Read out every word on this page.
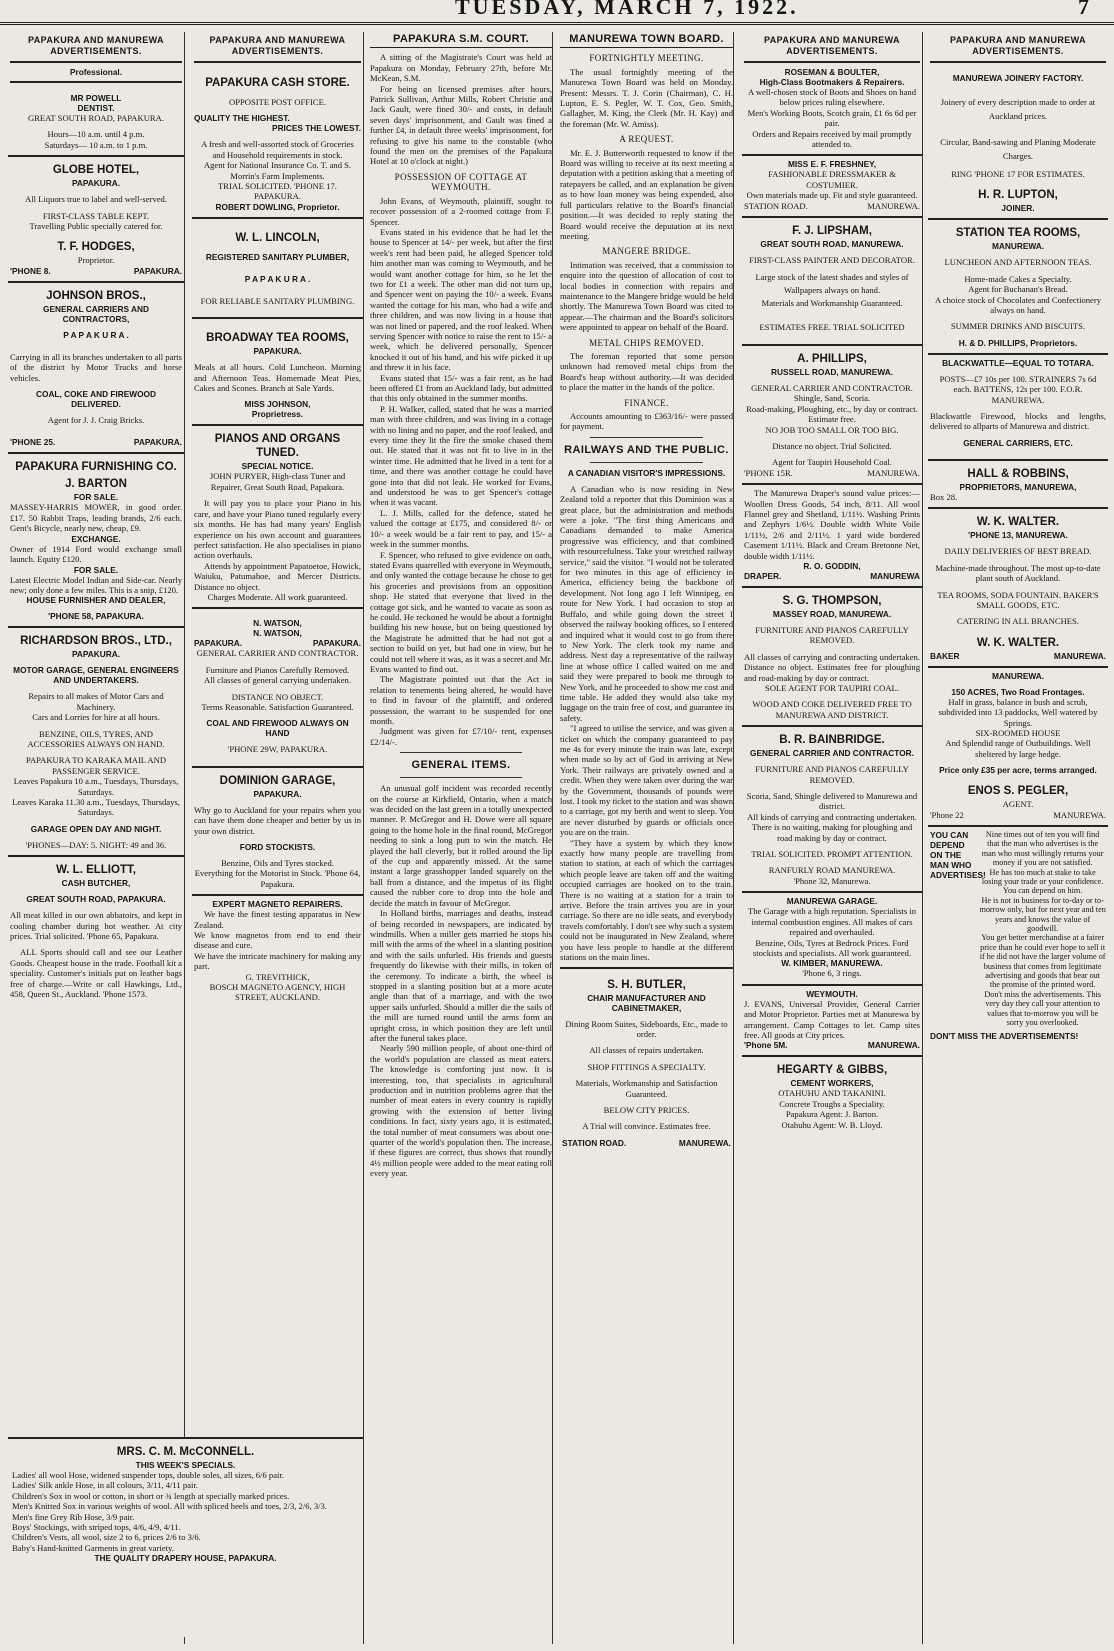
TUESDAY, MARCH 7, 1922.	7
PAPAKURA AND MANUREWA ADVERTISEMENTS.
Professional.
MR POWELL
DENTIST.
GREAT SOUTH ROAD, PAPAKURA.
Hours—10 a.m. until 4 p.m.
Saturdays— 10 a.m. to 1 p.m.
GLOBE HOTEL,
PAPAKURA.
All Liquors true to label and well-served.
FIRST-CLASS TABLE KEPT.
Travelling Public specially catered for.
T. F. HODGES,
Proprietor.
'PHONE 8.	PAPAKURA.
JOHNSON BROS.,
GENERAL CARRIERS AND CONTRACTORS,
P A P A K U R A .

Carrying in all its branches undertaken to all parts of the district by Motor Trucks and horse vehicles.

COAL, COKE AND FIREWOOD DELIVERED.
Agent for J. J. Craig Bricks.
'PHONE 25.	PAPAKURA.
PAPAKURA FURNISHING CO.
J. BARTON
FOR SALE.

MASSEY-HARRIS MOWER, in good order. £17. 50 Rabbit Traps, leading brands, 2/6 each. Gent's Bicycle, nearly new, cheap, £9.

EXCHANGE.

Owner of 1914 Ford would exchange small launch. Equity £120.

FOR SALE.

Latest Electric Model Indian and Side-car. Nearly new; only done a few miles. This is a snip, £120.

HOUSE FURNISHER AND DEALER,
'PHONE 58, PAPAKURA.
RICHARDSON BROS., LTD.,
PAPAKURA.
MOTOR GARAGE, GENERAL ENGINEERS AND UNDERTAKERS.
Repairs to all makes of Motor Cars and Machinery.
Cars and Lorries for hire at all hours.
BENZINE, OILS, TYRES, AND ACCESSORIES ALWAYS ON HAND.
PAPAKURA TO KARAKA MAIL AND PASSENGER SERVICE.
Leaves Papakura 10 a.m., Tuesdays, Thursdays, Saturdays.
Leaves Karaka 11.30 a.m., Tuesdays, Thursdays, Saturdays.
GARAGE OPEN DAY AND NIGHT.
'PHONES—DAY: 5. NIGHT: 49 and 36.
W. L. ELLIOTT,
CASH BUTCHER,
GREAT SOUTH ROAD, PAPAKURA.

All meat killed in our own abbatoirs, and kept in cooling chamber during hot weather. At city prices. Trial solicited. 'Phone 65, Papakura.

ALL Sports should call and see our Leather Goods. Cheapest house in the trade. Football kit a speciality. Customer's initials put on leather bags free of charge.—Write or call Hawkings, Ltd., 458, Queen St., Auckland. 'Phone 1573.

PAPAKURA AND MANUREWA ADVERTISEMENTS.
PAPAKURA CASH STORE.
OPPOSITE POST OFFICE.
QUALITY THE HIGHEST.
PRICES THE LOWEST.
A fresh and well-assorted stock of Groceries and Household requirements in stock.
Agent for National Insurance Co. T. and S. Morrin's Farm Implements.
TRIAL SOLICITED. 'PHONE 17.
PAPAKURA.
ROBERT DOWLING, Proprietor.
W. L. LINCOLN,
REGISTERED SANITARY PLUMBER,
P A P A K U R A .
FOR RELIABLE SANITARY PLUMBING.
BROADWAY TEA ROOMS,
PAPAKURA.

Meals at all hours. Cold Luncheon. Morning and Afternoon Teas. Homemade Meat Pies, Cakes and Scones. Branch at Sale Yards.

MISS JOHNSON,
Proprietress.
PIANOS AND ORGANS TUNED.
SPECIAL NOTICE.
JOHN PURYER, High-class Tuner and Repairer, Great South Road, Papakura.

It will pay you to place your Piano in his care, and have your Piano tuned regularly every six months. He has had many years' English experience on his own account and guarantees perfect satisfaction. He also specialises in piano action overhauls.

Attends by appointment Papatoetoe, Howick, Waiuku, Patumahoe, and Mercer Districts. Distance no object.

Charges Moderate. All work guaranteed.
N. WATSON,
N. WATSON,
PAPAKURA.	PAPAKURA.
GENERAL CARRIER AND CONTRACTOR.
Furniture and Pianos Carefully Removed.
All classes of general carrying undertaken.
DISTANCE NO OBJECT.
Terms Reasonable. Satisfaction Guaranteed.
COAL AND FIREWOOD ALWAYS ON HAND
'PHONE 29W, PAPAKURA.
DOMINION GARAGE,
PAPAKURA.

Why go to Auckland for your repairs when you can have them done cheaper and better by us in your own district.

FORD STOCKISTS.
Benzine, Oils and Tyres stocked.
Everything for the Motorist in Stock. 'Phone 64, Papakura.
EXPERT MAGNETO REPAIRERS.

We have the finest testing apparatus in New Zealand.
We know magnetos from end to end their disease and cure.
We have the intricate machinery for making any part.

G. TREVITHICK,
BOSCH MAGNETO AGENCY, HIGH STREET, AUCKLAND.
MRS. C. M. McCONNELL.
THIS WEEK'S SPECIALS.
Ladies' all wool Hose, widened suspender tops, double soles, all sizes, 6/6 pair.
Ladies' Silk ankle Hose, in all colours, 3/11, 4/11 pair.
Children's Sox in wool or cotton, in short or ¾ length at specially marked prices.
Men's Knitted Sox in various weights of wool. All with spliced heels and toes, 2/3, 2/6, 3/3.
Men's fine Grey Rib Hose, 3/9 pair.
Boys' Stockings, with striped tops, 4/6, 4/9, 4/11.
Children's Vests, all wool, size 2 to 6, prices 2/6 to 3/6.
Baby's Hand-knitted Garments in great variety.
THE QUALITY DRAPERY HOUSE, PAPAKURA.
PAPAKURA S.M. COURT.

A sitting of the Magistrate's Court was held at Papakura on Monday, February 27th, before Mr. McKean, S.M.

For being on licensed premises after hours, Patrick Sullivan, Arthur Mills, Robert Christie and Jack Gault, were fined 30/- and costs, in default seven days' imprisonment, and Gault was fined a further £4, in default three weeks' imprisonment, for refusing to give his name to the constable (who found the men on the premises of the Papakura Hotel at 10 o'clock at night.)

POSSESSION OF COTTAGE AT WEYMOUTH.

John Evans, of Weymouth, plaintiff, sought to recover possession of a 2-roomed cottage from F. Spencer.

Evans stated in his evidence that he had let the house to Spencer at 14/- per week, but after the first week's rent had been paid, he alleged Spencer told him another man was coming to Weymouth, and he would want another cottage for him, so he let the two for £1 a week. The other man did not turn up, and Spencer went on paying the 10/- a week. Evans wanted the cottage for his man, who had a wife and three children, and was now living in a house that was not lined or papered, and the roof leaked. When serving Spencer with notice to raise the rent to 15/- a week, which he delivered personally, Spencer knocked it out of his hand, and his wife picked it up and threw it in his face.

Evans stated that 15/- was a fair rent, as he had been offered £1 from an Auckland lady, but admitted that this only obtained in the summer months.

P. H. Walker, called, stated that he was a married man with three children, and was living in a cottage with no lining and no paper, and the roof leaked, and every time they lit the fire the smoke chased them out. He stated that it was not fit to live in in the winter time. He admitted that he lived in a tent for a time, and there was another cottage he could have gone into that did not leak. He worked for Evans, and understood he was to get Spencer's cottage when it was vacant.

L. J. Mills, called for the defence, stated he valued the cottage at £175, and considered 8/- or 10/- a week would be a fair rent to pay, and 15/- a week in the summer months.

F. Spencer, who refused to give evidence on oath, stated Evans quarrelled with everyone in Weymouth, and only wanted the cottage because he chose to get his groceries and provisions from an opposition shop. He stated that everyone that lived in the cottage got sick, and he wanted to vacate as soon as he could. He reckoned he would be about a fortnight building his new house, but on being questioned by the Magistrate he admitted that he had not got a section to build on yet, but had one in view, but he could not tell where it was, as it was a secret and Mr. Evans wanted to find out.

The Magistrate pointed out that the Act in relation to tenements being altered, he would have to find in favour of the plaintiff, and ordered possession, the warrant to be suspended for one month.

Judgment was given for £7/10/- rent, expenses £2/14/-.

GENERAL ITEMS.

An unusual golf incident was recorded recently on the course at Kirkfield, Ontario, when a match was decided on the last green in a totally unexpected manner. P. McGregor and H. Dowe were all square going to the home hole in the final round, McGregor needing to sink a long putt to win the match. He played the ball cleverly, but it rolled around the lip of the cup and apparently missed. At the same instant a large grasshopper landed squarely on the ball from a distance, and the impetus of its flight caused the rubber core to drop into the hole and decide the match in favour of McGregor.

In Holland births, marriages and deaths, instead of being recorded in newspapers, are indicated by windmills. When a miller gets married he stops his mill with the arms of the wheel in a slanting position and with the sails unfurled. His friends and guests frequently do likewise with their mills, in token of the ceremony. To indicate a birth, the wheel is stopped in a slanting position but at a more acute angle than that of a marriage, and with the two upper sails unfurled. Should a miller die the sails of the mill are turned round until the arms form an upright cross, in which position they are left until after the funeral takes place.

Nearly 590 million people, of about one-third of the world's population are classed as meat eaters. The knowledge is comforting just now. It is interesting, too, that specialists in agricultural production and in nutrition problems agree that the number of meat eaters in every country is rapidly growing with the extension of better living conditions. In fact, sixty years ago, it is estimated, the total number of meat consumers was about one-quarter of the world's population then. The increase, if these figures are correct, thus shows that roundly 4½ million people were added to the meat eating roll every year.

MANUREWA TOWN BOARD.
FORTNIGHTLY MEETING.

The usual fortnightly meeting of the Manurewa Town Board was held on Monday. Present: Messrs. T. J. Corin (Chairman), C. H. Lupton, E. S. Pegler, W. T. Cox, Geo. Smith, Gallagher, M. King, the Clerk (Mr. H. Kay) and the foreman (Mr. W. Amiss).

A REQUEST.

Mr. E. J. Butterworth requested to know if the Board was willing to receive at its next meeting a deputation with a petition asking that a meeting of ratepayers be called, and an explanation be given as to how loan money was being expended, also full particulars relative to the Board's financial position.—It was decided to reply stating the Board would receive the deputation at its next meeting.

MANGERE BRIDGE.

Intimation was received, that a commission to enquire into the question of allocation of cost to local bodies in connection with repairs and maintenance to the Mangere bridge would be held shortly. The Manurewa Town Board was cited to appear.—The chairman and the Board's solicitors were appointed to appear on behalf of the Board.

METAL CHIPS REMOVED.

The foreman reported that some person unknown had removed metal chips from the Board's heap without authority.—It was decided to place the matter in the hands of the police.

FINANCE.

Accounts amounting to £363/16/- were passed for payment.

RAILWAYS AND THE PUBLIC.
A CANADIAN VISITOR'S IMPRESSIONS.

A Canadian who is now residing in New Zealand told a reporter that this Dominion was a great place, but the administration and methods were a joke. "The first thing Americans and Canadians demanded to make America progressive was efficiency, and that combined with resourcefulness. Take your wretched railway service," said the visitor. "I would not be tolerated for two minutes in this age of efficiency in America, efficiency being the backbone of development. Not long ago I left Winnipeg, en route for New York. I had occasion to stop at Buffalo, and while going down the street I observed the railway booking offices, so I entered and inquired what it would cost to go from there to New York. The clerk took my name and address. Next day a representative of the railway line at whose office I called waited on me and said they were prepared to book me through to New York, and he proceeded to show me cost and time table. He added they would also take my luggage on the train free of cost, and guarantee its safety.

"I agreed to utilise the service, and was given a ticket on which the company guaranteed to pay me 4s for every minute the train was late, except when made so by act of God in arriving at New York. Their railways are privately owned and a credit. When they were taken over during the war by the Government, thousands of pounds were lost. I took my ticket to the station and was shown to a carriage, got my berth and went to sleep. You are never disturbed by guards or officials once you are on the train.

"They have a system by which they know exactly how many people are travelling from station to station, at each of which the carriages which people leave are taken off and the waiting occupied carriages are hooked on to the train. There is no waiting at a station for a train to arrive. Before the train arrives you are in your carriage. So there are no idle seats, and everybody travels comfortably. I don't see why such a system could not be inaugurated in New Zealand, where you have less people to handle at the different stations on the main lines.

S. H. BUTLER,
CHAIR MANUFACTURER AND CABINETMAKER,
Dining Room Suites, Sideboards, Etc., made to order.
All classes of repairs undertaken.
SHOP FITTINGS A SPECIALTY.
Materials, Workmanship and Satisfaction Guaranteed.
BELOW CITY PRICES.
A Trial will convince. Estimates free.
STATION ROAD.	MANUREWA.
PAPAKURA AND MANUREWA ADVERTISEMENTS.
ROSEMAN & BOULTER,
High-Class Bootmakers & Repairers.
A well-chosen stock of Boots and Shoes on hand below prices ruling elsewhere.
Men's Working Boots, Scotch grain, £1 6s 6d per pair.
Orders and Repairs received by mail promptly attended to.
MISS E. F. FRESHNEY,
FASHIONABLE DRESSMAKER & COSTUMIER.
Own materials made up. Fit and style guaranteed.
STATION ROAD.	MANUREWA.
F. J. LIPSHAM,
GREAT SOUTH ROAD, MANUREWA.
FIRST-CLASS PAINTER AND DECORATOR.
Large stock of the latest shades and styles of Wallpapers always on hand.
Materials and Workmanship Guaranteed.
ESTIMATES FREE. TRIAL SOLICITED
A. PHILLIPS,
RUSSELL ROAD, MANUREWA.
GENERAL CARRIER AND CONTRACTOR.
Shingle, Sand, Scoria.
Road-making, Ploughing, etc., by day or contract. Estimate free.
NO JOB TOO SMALL OR TOO BIG.
Distance no object. Trial Solicited.
Agent for Taupiri Household Coal.
'PHONE 15R.	MANUREWA.

The Manurewa Draper's sound value prices:—Woollen Dress Goods, 54 inch, 8/11. All wool Flannel grey and Shetland, 1/11½. Washing Prints and Zephyrs 1/6½. Double width White Voile 1/11½, 2/6 and 2/11½. 1 yard wide bordered Casement 1/11½. Black and Cream Bretonne Net, double width 1/11½.

R. O. GODDIN,
DRAPER.	MANUREWA
S. G. THOMPSON,
MASSEY ROAD, MANUREWA.
FURNITURE AND PIANOS CAREFULLY REMOVED.

All classes of carrying and contracting undertaken. Distance no object. Estimates free for ploughing and road-making by day or contract.

SOLE AGENT FOR TAUPIRI COAL.
WOOD AND COKE DELIVERED FREE TO MANUREWA AND DISTRICT.
B. R. BAINBRIDGE.
GENERAL CARRIER AND CONTRACTOR.
FURNITURE AND PIANOS CAREFULLY REMOVED.
Scoria, Sand, Shingle delivered to Manurewa and district.
All kinds of carrying and contracting undertaken. There is no waiting, making for ploughing and road making by day or contract.
TRIAL SOLICITED. PROMPT ATTENTION.
RANFURLY ROAD MANUREWA.
'Phone 32, Manurewa.
MANUREWA GARAGE.
The Garage with a high reputation. Specialists in internal combustion engines. All makes of cars repaired and overhauled.
Benzine, Oils, Tyres at Bedrock Prices. Ford stockists and specialists. All work guaranteed.
W. KIMBER, MANUREWA.
'Phone 6, 3 rings.
WEYMOUTH.

J. EVANS, Universal Provider, General Carrier and Motor Proprietor. Parties met at Manurewa by arrangement. Camp Cottages to let. Camp sites free. All goods at City prices.

'Phone 5M.	MANUREWA.
HEGARTY & GIBBS,
CEMENT WORKERS,
OTAHUHU AND TAKANINI.
Concrete Troughs a Speciality.
Papakura Agent: J. Barton.
Otahuhu Agent: W. B. Lloyd.
PAPAKURA AND MANUREWA ADVERTISEMENTS.
MANUREWA JOINERY FACTORY.
Joinery of every description made to order at Auckland prices.
Circular, Band-sawing and Planing Moderate Charges.
RING 'PHONE 17 FOR ESTIMATES.
H. R. LUPTON,
JOINER.
STATION TEA ROOMS,
MANUREWA.
LUNCHEON AND AFTERNOON TEAS.
Home-made Cakes a Specialty.
Agent for Buchanan's Bread.
A choice stock of Chocolates and Confectionery always on hand.
SUMMER DRINKS AND BISCUITS.
H. & D. PHILLIPS, Proprietors.
BLACKWATTLE—EQUAL TO TOTARA.
POSTS—£7 10s per 100. STRAINERS 7s 6d each. BATTENS, 12s per 100. F.O.R. MANUREWA.

Blackwattle Firewood, blocks and lengths, delivered to allparts of Manurewa and district.

GENERAL CARRIERS, ETC.
HALL & ROBBINS,
PROPRIETORS, MANUREWA,
Box 28.
W. K. WALTER.
'PHONE 13, MANUREWA.
DAILY DELIVERIES OF BEST BREAD.
Machine-made throughout. The most up-to-date plant south of Auckland.
TEA ROOMS, SODA FOUNTAIN. BAKER'S SMALL GOODS, ETC.
CATERING IN ALL BRANCHES.
W. K. WALTER.
BAKER	MANUREWA.
MANUREWA.
150 ACRES, Two Road Frontages.
Half in grass, balance in bush and scrub, subdivided into 13 paddocks, Well watered by Springs.
SIX-ROOMED HOUSE
And Splendid range of Outbuildings. Well sheltered by large hedge.
Price only £35 per acre, terms arranged.
ENOS S. PEGLER,
AGENT.
'Phone 22	MANUREWA.
YOU CAN DEPEND ON THE MAN WHO ADVERTISES!
Nine times out of ten you will find that the man who advertises is the man who most willingly returns your money if you are not satisfied.
He has too much at stake to take losing your trade or your confidence. You can depend on him.
He is not in business for to-day or to-morrow only, but for next year and ten years and knows the value of goodwill.
You get better merchandise at a fairer price than he could ever hope to sell it if he did not have the larger volume of business that comes from legitimate advertising and goods that bear out the promise of the printed word.
Don't miss the advertisements. This very day they call your attention to values that to-morrow you will be sorry you overlooked.
DON'T MISS THE ADVERTISEMENTS!
